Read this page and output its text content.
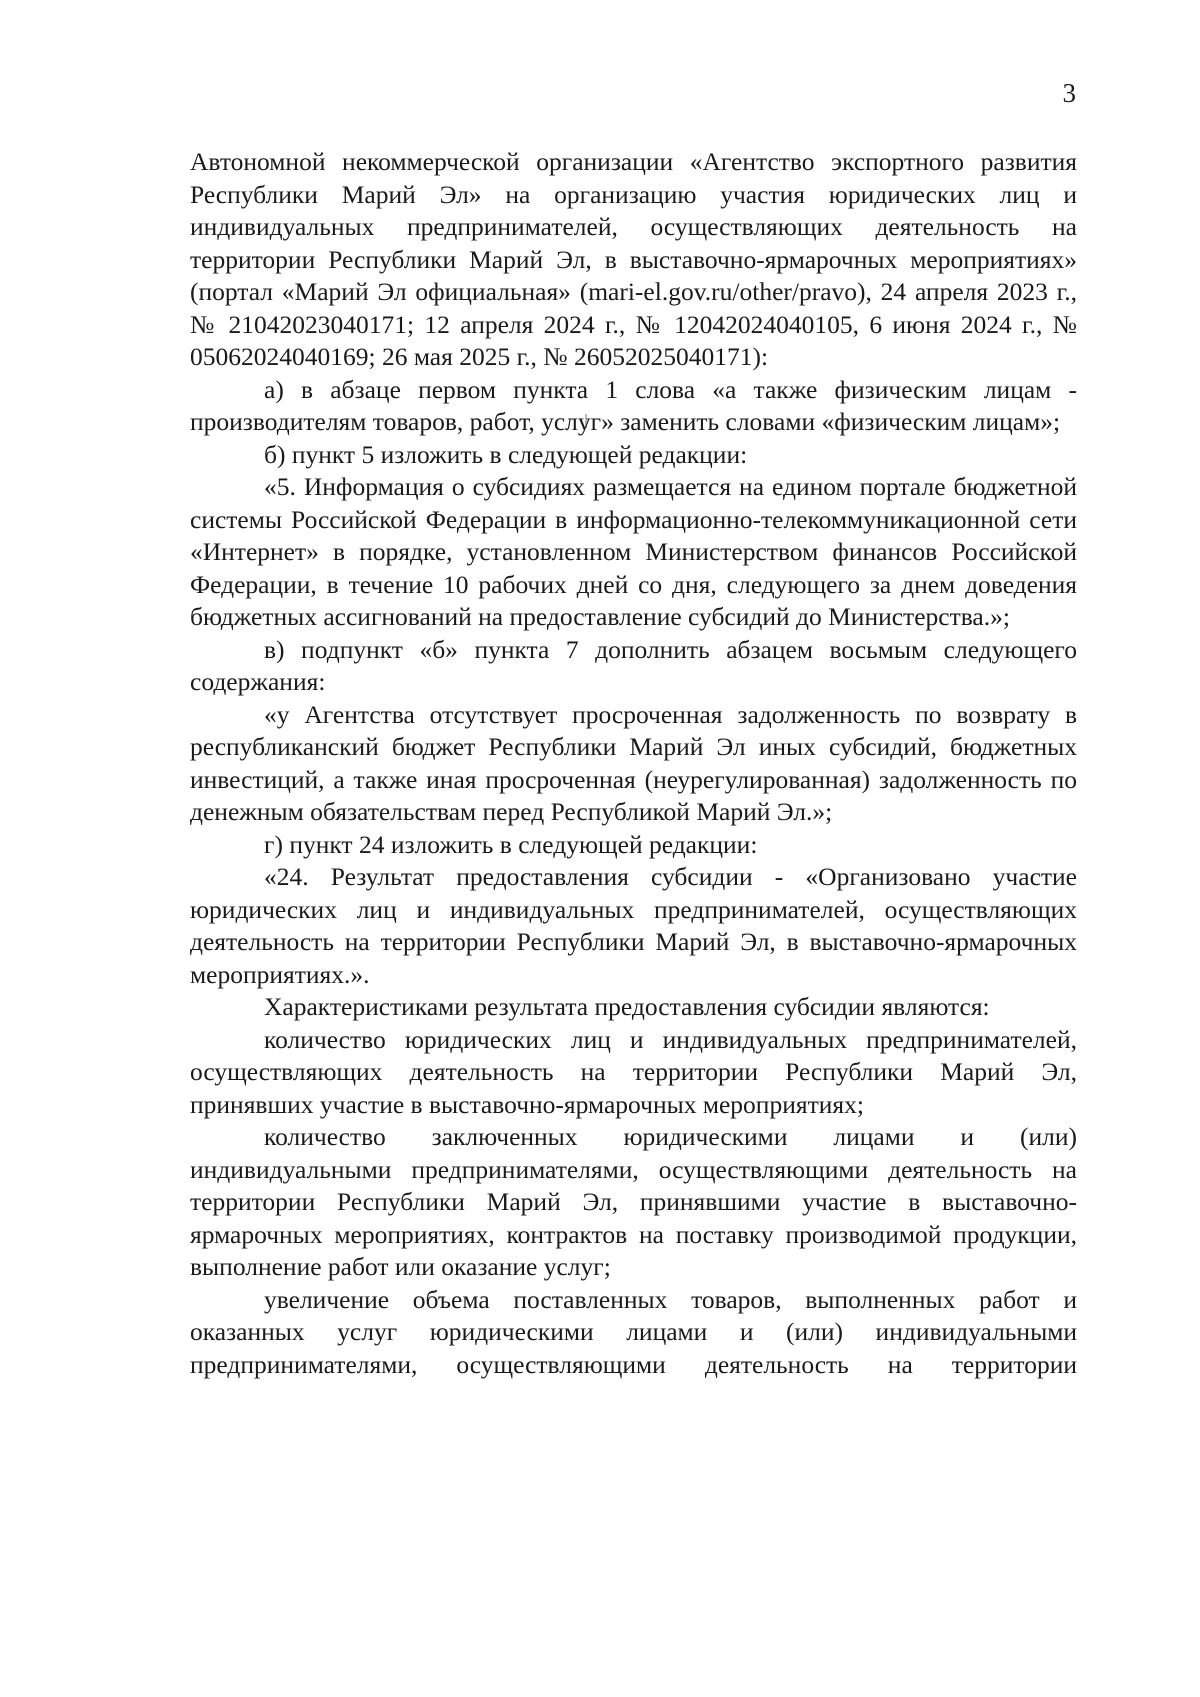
3

Автономной некоммерческой организации «Агентство экспортного развития Республики Марий Эл» на организацию участия юридических лиц и индивидуальных предпринимателей, осуществляющих деятельность на территории Республики Марий Эл, в выставочно-ярмарочных мероприятиях» (портал «Марий Эл официальная» (mari-el.gov.ru/other/pravo), 24 апреля 2023 г., № 21042023040171; 12 апреля 2024 г., № 12042024040105, 6 июня 2024 г., № 05062024040169; 26 мая 2025 г., № 26052025040171):

а) в абзаце первом пункта 1 слова «а также физическим лицам - производителям товаров, работ, услуг» заменить словами «физическим лицам»;

б) пункт 5 изложить в следующей редакции:

«5. Информация о субсидиях размещается на едином портале бюджетной системы Российской Федерации в информационно-телекоммуникационной сети «Интернет» в порядке, установленном Министерством финансов Российской Федерации, в течение 10 рабочих дней со дня, следующего за днем доведения бюджетных ассигнований на предоставление субсидий до Министерства.»;

в) подпункт «б» пункта 7 дополнить абзацем восьмым следующего содержания:

«у Агентства отсутствует просроченная задолженность по возврату в республиканский бюджет Республики Марий Эл иных субсидий, бюджетных инвестиций, а также иная просроченная (неурегулированная) задолженность по денежным обязательствам перед Республикой Марий Эл.»;

г) пункт 24 изложить в следующей редакции:

«24. Результат предоставления субсидии - «Организовано участие юридических лиц и индивидуальных предпринимателей, осуществляющих деятельность на территории Республики Марий Эл, в выставочно-ярмарочных мероприятиях.».

Характеристиками результата предоставления субсидии являются:

количество юридических лиц и индивидуальных предпринимателей, осуществляющих деятельность на территории Республики Марий Эл, принявших участие в выставочно-ярмарочных мероприятиях;

количество заключенных юридическими лицами и (или) индивидуальными предпринимателями, осуществляющими деятельность на территории Республики Марий Эл, принявшими участие в выставочно-ярмарочных мероприятиях, контрактов на поставку производимой продукции, выполнение работ или оказание услуг;

увеличение объема поставленных товаров, выполненных работ и оказанных услуг юридическими лицами и (или) индивидуальными предпринимателями, осуществляющими деятельность на территории
